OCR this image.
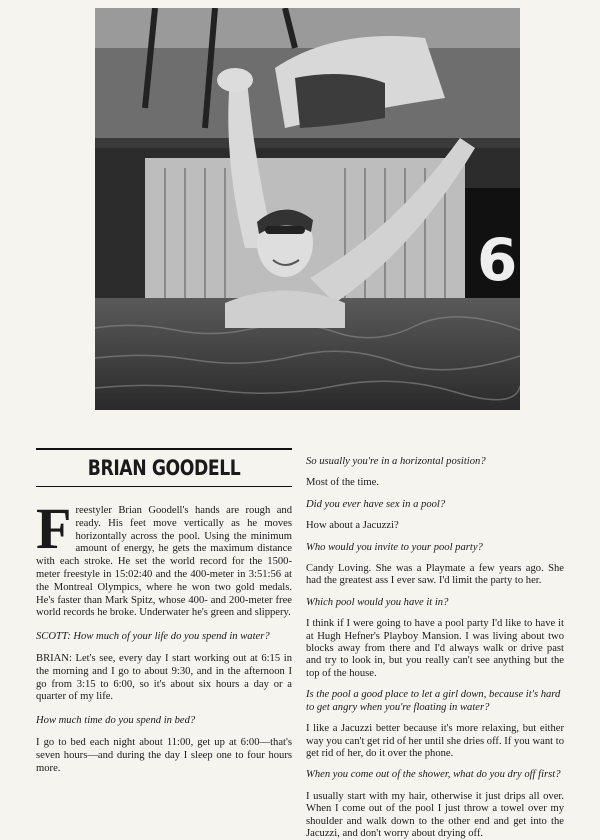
6
BRIAN GOODELL
Freestyler Brian Goodell's hands are rough and ready. His feet move vertically as he moves horizontally across the pool. Using the minimum amount of energy, he gets the maximum distance with each stroke. He set the world record for the 1500-meter freestyle in 15:02:40 and the 400-meter in 3:51:56 at the Montreal Olympics, where he won two gold medals. He's faster than Mark Spitz, whose 400- and 200-meter free world records he broke. Underwater he's green and slippery.

SCOTT: How much of your life do you spend in water?

BRIAN: Let's see, every day I start working out at 6:15 in the morning and I go to about 9:30, and in the afternoon I go from 3:15 to 6:00, so it's about six hours a day or a quarter of my life.

How much time do you spend in bed?

I go to bed each night about 11:00, get up at 6:00—that's seven hours—and during the day I sleep one to four hours more.

So usually you're in a horizontal position?

Most of the time.

Did you ever have sex in a pool?

How about a Jacuzzi?

Who would you invite to your pool party?

Candy Loving. She was a Playmate a few years ago. She had the greatest ass I ever saw. I'd limit the party to her.

Which pool would you have it in?

I think if I were going to have a pool party I'd like to have it at Hugh Hefner's Playboy Mansion. I was living about two blocks away from there and I'd always walk or drive past and try to look in, but you really can't see anything but the top of the house.

Is the pool a good place to let a girl down, because it's hard to get angry when you're floating in water?

I like a Jacuzzi better because it's more relaxing, but either way you can't get rid of her until she dries off. If you want to get rid of her, do it over the phone.

When you come out of the shower, what do you dry off first?

I usually start with my hair, otherwise it just drips all over. When I come out of the pool I just throw a towel over my shoulder and walk down to the other end and get into the Jacuzzi, and don't worry about drying off.
